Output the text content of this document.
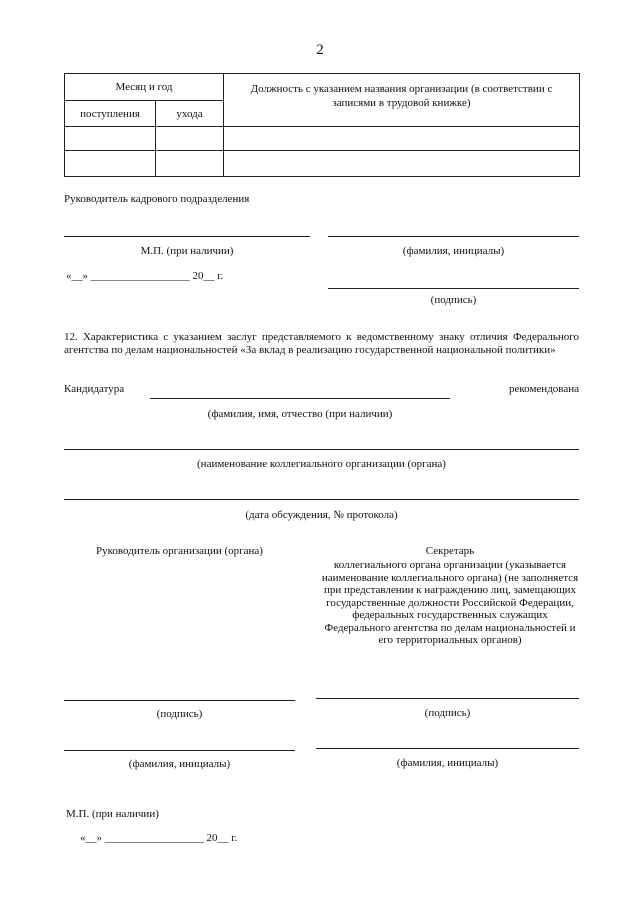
2
Месяц и год		Должность с указанием названия организации (в соответствии с записями в трудовой книжке)
поступления	ухода	

Руководитель кадрового подразделения
М.П. (при наличии)	(фамилия, инициалы)
«__» __________________ 20__ г.
(подпись)
12. Характеристика с указанием заслуг представляемого к ведомственному знаку отличия Федерального агентства по делам национальностей «За вклад в реализацию государственной национальной политики»
Кандидатура	рекомендована
(фамилия, имя, отчество (при наличии)
(наименование коллегиального организации (органа)
(дата обсуждения, № протокола)
Руководитель организации (органа)	Секретарь
коллегиального органа организации (указывается наименование коллегиального органа) (не заполняется при представлении к награждению лиц, замещающих государственные должности Российской Федерации, федеральных государственных служащих Федерального агентства по делам национальностей и его территориальных органов)
(подпись)	(подпись)
(фамилия, инициалы)	(фамилия, инициалы)
М.П. (при наличии)
«__» __________________ 20__ г.
